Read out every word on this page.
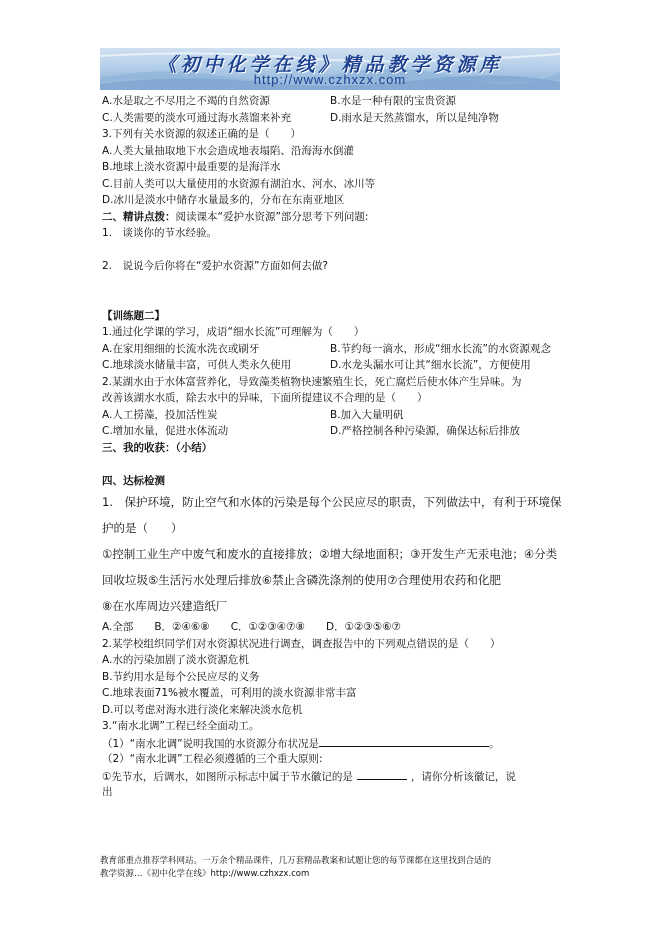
《初中化学在线》精品教学资源库
http://www.czhxzx.com
A.水是取之不尽用之不竭的自然资源	B.水是一种有限的宝贵资源
C.人类需要的淡水可通过海水蒸馏来补充	D.雨水是天然蒸馏水，所以是纯净物
3.下列有关水资源的叙述正确的是（　　）
A.人类大量抽取地下水会造成地表塌陷、沿海海水倒灌
B.地球上淡水资源中最重要的是海洋水
C.目前人类可以大量使用的水资源有湖泊水、河水、冰川等
D.冰川是淡水中储存水量最多的，分布在东南亚地区
二、精讲点拨：阅读课本“爱护水资源”部分思考下列问题:
1.　谈谈你的节水经验。
2.　说说今后你将在“爱护水资源”方面如何去做?
【训练题二】
1.通过化学课的学习，成语“细水长流”可理解为（　　）
A.在家用细细的长流水洗衣或刷牙	B.节约每一滴水，形成“细水长流”的水资源观念
C.地球淡水储量丰富，可供人类永久使用	D.水龙头漏水可让其“细水长流”，方便使用
2.某湖水由于水体富营养化，导致藻类植物快速繁殖生长，死亡腐烂后使水体产生异味。为
改善该湖水水质，除去水中的异味，下面所提建议不合理的是（　　）
A.人工捞藻，投加活性炭	B.加入大量明矾
C.增加水量，促进水体流动	D.严格控制各种污染源，确保达标后排放
三、我的收获：（小结）
四、达标检测
1.　保护环境，防止空气和水体的污染是每个公民应尽的职责，下列做法中，有利于环境保
护的是（　　）
①控制工业生产中废气和废水的直接排放；②增大绿地面积；③开发生产无汞电池；④分类
回收垃圾⑤生活污水处理后排放⑥禁止含磷洗涤剂的使用⑦合理使用农药和化肥
⑧在水库周边兴建造纸厂
A.全部　　B．②④⑥⑧　　C．①②③④⑦⑧　　D．①②③⑤⑥⑦
2.某学校组织同学们对水资源状况进行调查，调查报告中的下列观点错误的是（　　）
A.水的污染加剧了淡水资源危机
B.节约用水是每个公民应尽的义务
C.地球表面71%被水覆盖，可利用的淡水资源非常丰富
D.可以考虑对海水进行淡化来解决淡水危机
3.“南水北调”工程已经全面动工。
（1）“南水北调”说明我国的水资源分布状况是	。
（2）“南水北调”工程必须遵循的三个重大原则:
①先节水，后调水，如图所示标志中属于节水徽记的是	，请你分析该徽记，说
出
教育部重点推荐学科网站。一万余个精品课件，几万套精品教案和试题让您的每节课都在这里找到合适的
教学资源…《初中化学在线》http://www.czhxzx.com
